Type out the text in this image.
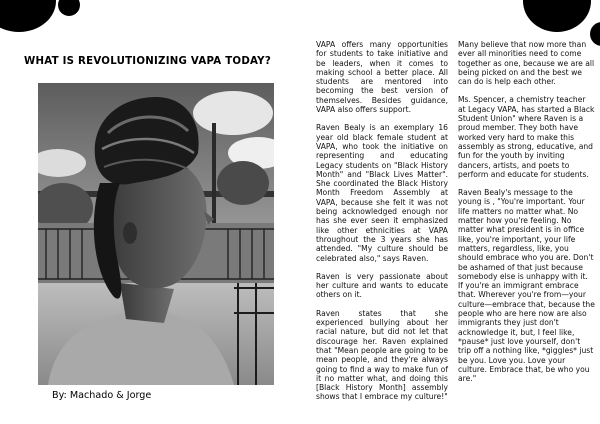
WHAT IS REVOLUTIONIZING VAPA TODAY?
By: Machado & Jorge

VAPA offers many opportunities for students to take initiative and be leaders, when it comes to making school a better place. All students are mentored into becoming the best version of themselves. Besides guidance, VAPA also offers support.

Raven Bealy is an exemplary 16 year old black female student at VAPA, who took the initiative on representing and educating Legacy students on "Black History Month" and "Black Lives Matter". She coordinated the Black History Month Freedom Assembly at VAPA, because she felt it was not being acknowledged enough nor has she ever seen it emphasized like other ethnicities at VAPA throughout the 3 years she has attended. "My culture should be celebrated also," says Raven.

Raven is very passionate about her culture and wants to educate others on it.

Raven states that she experienced bullying about her racial nature, but did not let that discourage her. Raven explained that "Mean people are going to be mean people, and they're always going to find a way to make fun of it no matter what, and doing this [Black History Month] assembly shows that I embrace my culture!"

Many believe that now more than ever all minorities need to come together as one, because we are all being picked on and the best we can do is help each other.

Ms. Spencer, a chemistry teacher at Legacy VAPA, has started a Black Student Union" where Raven is a proud member. They both have worked very hard to make this assembly as strong, educative, and fun for the youth by inviting dancers, artists, and poets to perform and educate for students.

Raven Bealy's message to the young is , "You're important. Your life matters no matter what. No matter how you're feeling. No matter what president is in office like, you're important, your life matters, regardless, like, you should embrace who you are. Don't be ashamed of that just because somebody else is unhappy with it. If you're an immigrant embrace that. Wherever you're from—your culture—embrace that, because the people who are here now are also immigrants they just don't acknowledge it, but, I feel like, *pause* just love yourself, don't trip off a nothing like, *giggles* just be you. Love you. Love your culture. Embrace that, be who you are."
